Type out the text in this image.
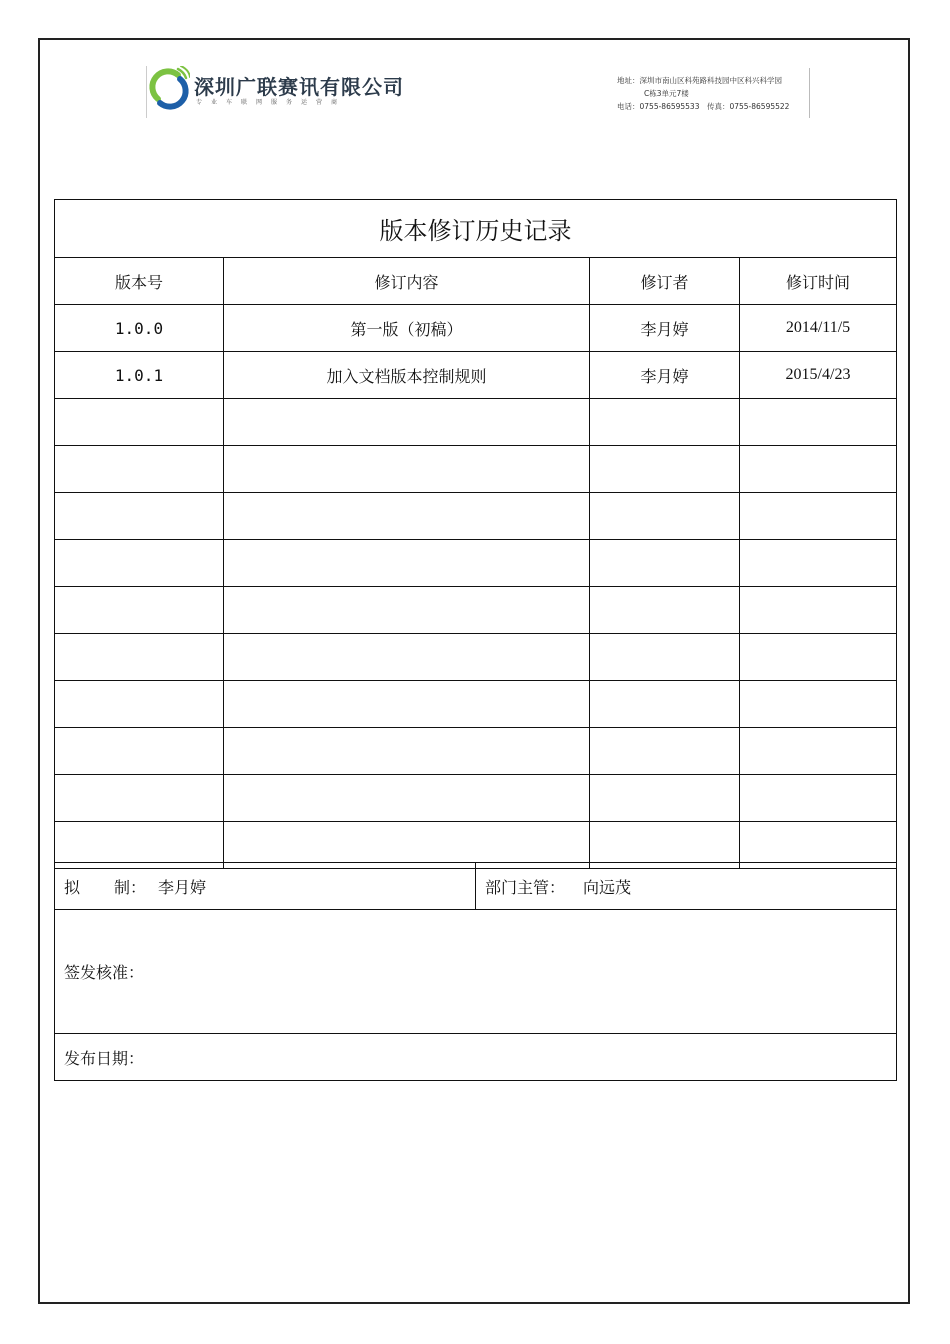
深圳广联赛讯有限公司
专业车联网服务运营商
地址：深圳市南山区科苑路科技园中区科兴科学园
C栋3单元7楼
电话：0755-86595533　传真：0755-86595522
版本修订历史记录			
版本号	修订内容	修订者	修订时间
1.0.0	第一版（初稿）	李月婷	2014/11/5
1.0.1	加入文档版本控制规则	李月婷	2015/4/23

拟 制： 李月婷	部门主管： 向远茂
签发核准：
发布日期：
